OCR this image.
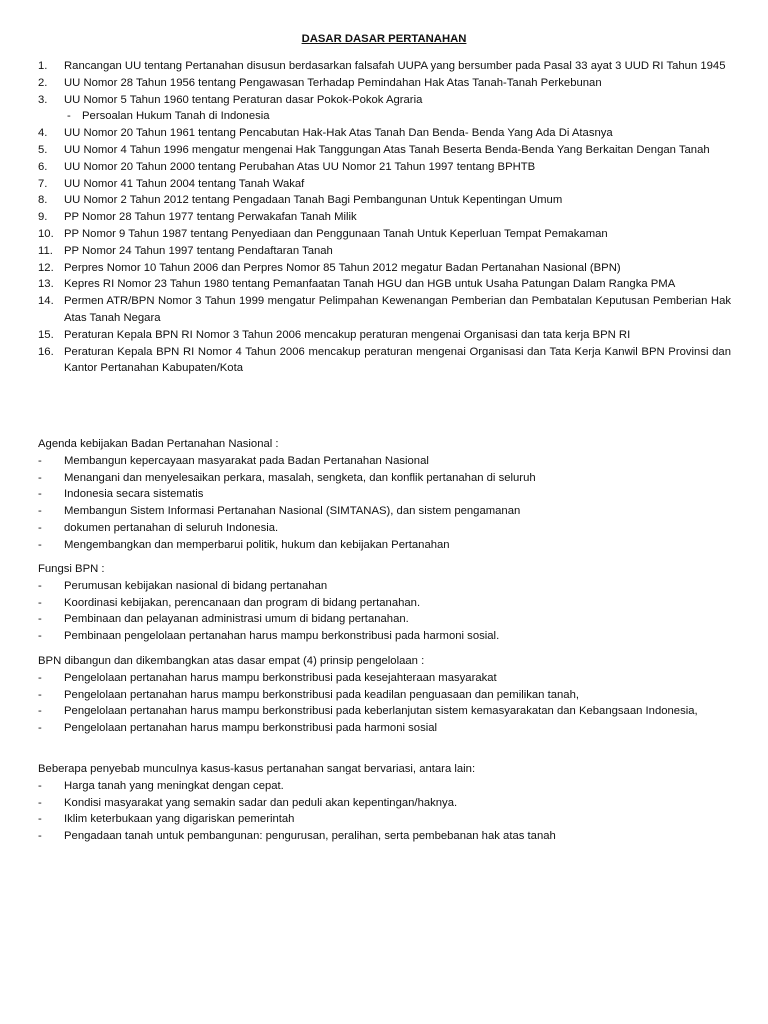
DASAR DASAR PERTANAHAN
1.	Rancangan UU tentang Pertanahan disusun berdasarkan falsafah UUPA yang bersumber pada Pasal 33 ayat 3 UUD RI Tahun 1945
2.	UU Nomor 28 Tahun 1956 tentang Pengawasan Terhadap Pemindahan Hak Atas Tanah-Tanah Perkebunan
3.	UU Nomor 5 Tahun 1960 tentang Peraturan dasar Pokok-Pokok Agraria
- Persoalan Hukum Tanah di Indonesia
4.	UU Nomor 20 Tahun 1961 tentang Pencabutan Hak-Hak Atas Tanah Dan Benda- Benda Yang Ada Di Atasnya
5.	UU Nomor 4 Tahun 1996 mengatur mengenai Hak Tanggungan Atas Tanah Beserta Benda-Benda Yang Berkaitan Dengan Tanah
6.	UU Nomor 20 Tahun 2000 tentang Perubahan Atas UU Nomor 21 Tahun 1997 tentang BPHTB
7.	UU Nomor 41 Tahun 2004 tentang Tanah Wakaf
8.	UU Nomor 2 Tahun 2012 tentang Pengadaan Tanah Bagi Pembangunan Untuk Kepentingan Umum
9.	PP Nomor 28 Tahun 1977 tentang Perwakafan Tanah Milik
10. PP Nomor 9 Tahun 1987 tentang Penyediaan dan Penggunaan Tanah Untuk Keperluan Tempat Pemakaman
11. PP Nomor 24 Tahun 1997 tentang Pendaftaran Tanah
12. Perpres Nomor 10 Tahun 2006 dan Perpres Nomor 85 Tahun 2012 megatur Badan Pertanahan Nasional (BPN)
13. Kepres RI Nomor 23 Tahun 1980 tentang Pemanfaatan Tanah HGU dan HGB untuk Usaha Patungan Dalam Rangka PMA
14. Permen ATR/BPN Nomor 3 Tahun 1999 mengatur Pelimpahan Kewenangan Pemberian dan Pembatalan Keputusan Pemberian Hak Atas Tanah Negara
15. Peraturan Kepala BPN RI Nomor 3 Tahun 2006 mencakup peraturan mengenai Organisasi dan tata kerja BPN RI
16. Peraturan Kepala BPN RI Nomor 4 Tahun 2006 mencakup peraturan mengenai Organisasi dan Tata Kerja Kanwil BPN Provinsi dan Kantor Pertanahan Kabupaten/Kota
Agenda kebijakan Badan Pertanahan Nasional :
- Membangun kepercayaan masyarakat pada Badan Pertanahan Nasional
- Menangani dan menyelesaikan perkara, masalah, sengketa, dan konflik pertanahan di seluruh
- Indonesia secara sistematis
- Membangun Sistem Informasi Pertanahan Nasional (SIMTANAS), dan sistem pengamanan
- dokumen pertanahan di seluruh Indonesia.
- Mengembangkan dan memperbarui politik, hukum dan kebijakan Pertanahan
Fungsi BPN :
- Perumusan kebijakan nasional di bidang pertanahan
- Koordinasi kebijakan, perencanaan dan program di bidang pertanahan.
- Pembinaan dan pelayanan administrasi umum di bidang pertanahan.
- Pembinaan pengelolaan pertanahan harus mampu berkonstribusi pada harmoni sosial.
BPN dibangun dan dikembangkan atas dasar empat (4) prinsip pengelolaan :
- Pengelolaan pertanahan harus mampu berkonstribusi pada kesejahteraan masyarakat
- Pengelolaan pertanahan harus mampu berkonstribusi pada keadilan penguasaan dan pemilikan tanah,
- Pengelolaan pertanahan harus mampu berkonstribusi pada keberlanjutan sistem kemasyarakatan dan Kebangsaan Indonesia,
- Pengelolaan pertanahan harus mampu berkonstribusi pada harmoni sosial
Beberapa penyebab munculnya kasus-kasus pertanahan sangat bervariasi, antara lain:
- Harga tanah yang meningkat dengan cepat.
- Kondisi masyarakat yang semakin sadar dan peduli akan kepentingan/haknya.
- Iklim keterbukaan yang digariskan pemerintah
- Pengadaan tanah untuk pembangunan: pengurusan, peralihan, serta pembebanan hak atas tanah
